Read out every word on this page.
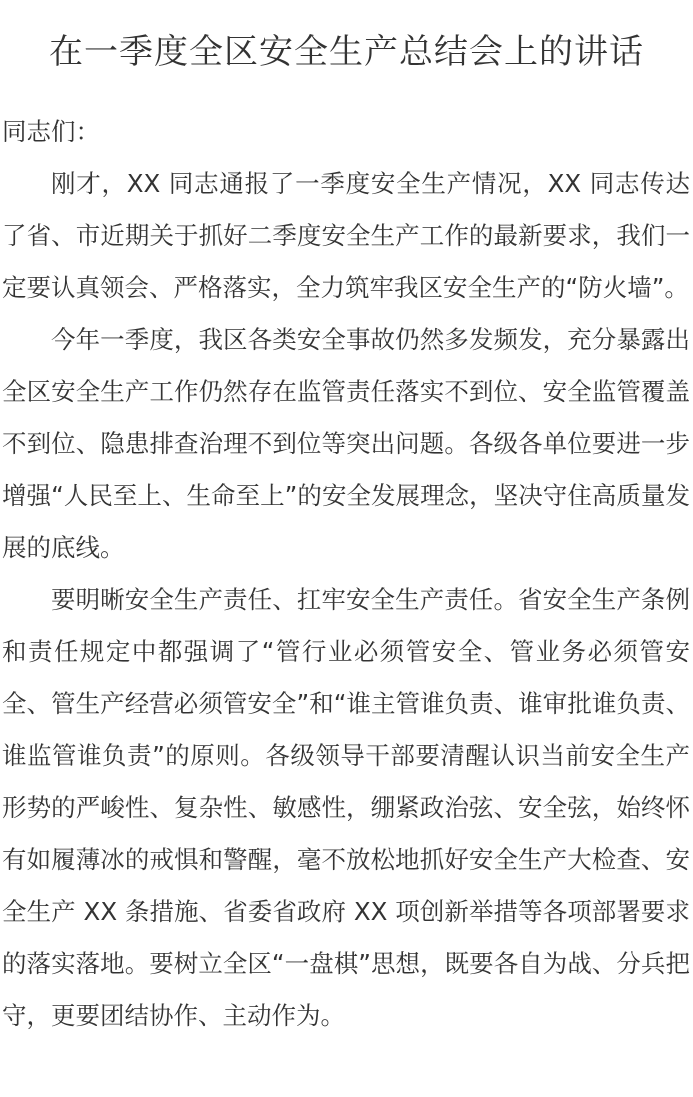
在一季度全区安全生产总结会上的讲话

同志们：

刚才，XX 同志通报了一季度安全生产情况，XX 同志传达了省、市近期关于抓好二季度安全生产工作的最新要求，我们一定要认真领会、严格落实，全力筑牢我区安全生产的“防火墙”。

今年一季度，我区各类安全事故仍然多发频发，充分暴露出全区安全生产工作仍然存在监管责任落实不到位、安全监管覆盖不到位、隐患排查治理不到位等突出问题。各级各单位要进一步增强“人民至上、生命至上”的安全发展理念，坚决守住高质量发展的底线。

要明晰安全生产责任、扛牢安全生产责任。省安全生产条例和责任规定中都强调了“管行业必须管安全、管业务必须管安全、管生产经营必须管安全”和“谁主管谁负责、谁审批谁负责、谁监管谁负责”的原则。各级领导干部要清醒认识当前安全生产形势的严峻性、复杂性、敏感性，绷紧政治弦、安全弦，始终怀有如履薄冰的戒惧和警醒，毫不放松地抓好安全生产大检查、安全生产 XX 条措施、省委省政府 XX 项创新举措等各项部署要求的落实落地。要树立全区“一盘棋”思想，既要各自为战、分兵把守，更要团结协作、主动作为。
